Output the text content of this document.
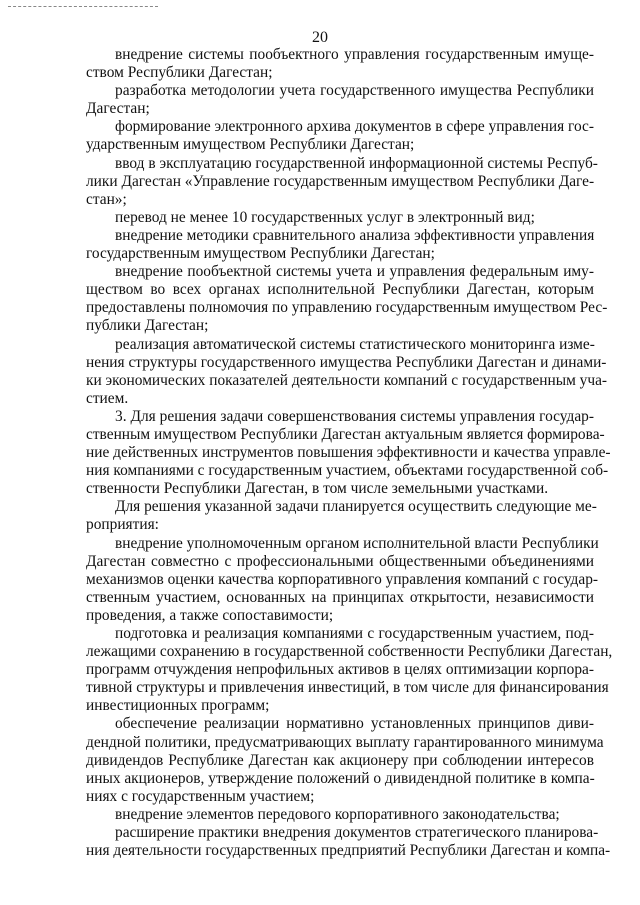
20
внедрение системы пообъектного управления государственным имуще-
ством Республики Дагестан;
разработка методологии учета государственного имущества Республики
Дагестан;
формирование электронного архива документов в сфере управления гос-
ударственным имуществом Республики Дагестан;
ввод в эксплуатацию государственной информационной системы Респуб-
лики Дагестан «Управление государственным имуществом Республики Даге-
стан»;
перевод не менее 10 государственных услуг в электронный вид;
внедрение методики сравнительного анализа эффективности управления
государственным имуществом Республики Дагестан;
внедрение пообъектной системы учета и управления федеральным иму-
ществом во всех органах исполнительной Республики Дагестан, которым
предоставлены полномочия по управлению государственным имуществом Рес-
публики Дагестан;
реализация автоматической системы статистического мониторинга изме-
нения структуры государственного имущества Республики Дагестан и динами-
ки экономических показателей деятельности компаний с государственным уча-
стием.
3. Для решения задачи совершенствования системы управления государ-
ственным имуществом Республики Дагестан актуальным является формирова-
ние действенных инструментов повышения эффективности и качества управле-
ния компаниями с государственным участием, объектами государственной соб-
ственности Республики Дагестан, в том числе земельными участками.
Для решения указанной задачи планируется осуществить следующие ме-
роприятия:
внедрение уполномоченным органом исполнительной власти Республики
Дагестан совместно с профессиональными общественными объединениями
механизмов оценки качества корпоративного управления компаний с государ-
ственным участием, основанных на принципах открытости, независимости
проведения, а также сопоставимости;
подготовка и реализация компаниями с государственным участием, под-
лежащими сохранению в государственной собственности Республики Дагестан,
программ отчуждения непрофильных активов в целях оптимизации корпора-
тивной структуры и привлечения инвестиций, в том числе для финансирования
инвестиционных программ;
обеспечение реализации нормативно установленных принципов диви-
дендной политики, предусматривающих выплату гарантированного минимума
дивидендов Республике Дагестан как акционеру при соблюдении интересов
иных акционеров, утверждение положений о дивидендной политике в компа-
ниях с государственным участием;
внедрение элементов передового корпоративного законодательства;
расширение практики внедрения документов стратегического планирова-
ния деятельности государственных предприятий Республики Дагестан и компа-
